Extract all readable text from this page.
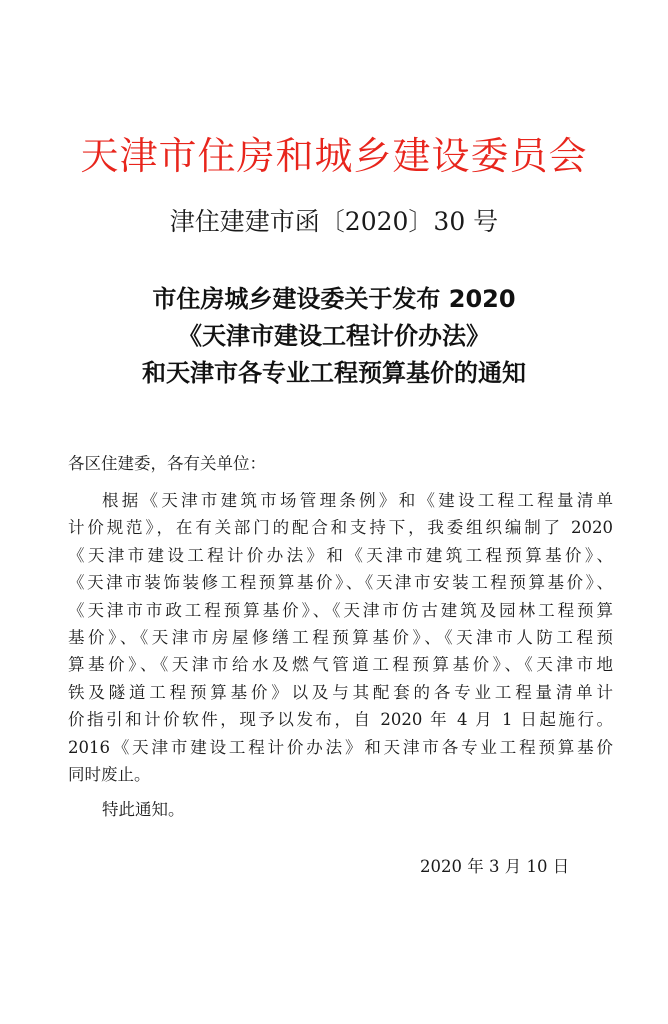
天津市住房和城乡建设委员会
津住建建市函〔2020〕30 号
市住房城乡建设委关于发布 2020
《天津市建设工程计价办法》
和天津市各专业工程预算基价的通知
各区住建委，各有关单位：
根据《天津市建筑市场管理条例》和《建设工程工程量清单
计价规范》，在有关部门的配合和支持下，我委组织编制了 2020
《天津市建设工程计价办法》和《天津市建筑工程预算基价》、
《天津市装饰装修工程预算基价》、《天津市安装工程预算基价》、
《天津市市政工程预算基价》、《天津市仿古建筑及园林工程预算
基价》、《天津市房屋修缮工程预算基价》、《天津市人防工程预
算基价》、《天津市给水及燃气管道工程预算基价》、《天津市地
铁及隧道工程预算基价》以及与其配套的各专业工程量清单计
价指引和计价软件，现予以发布，自 2020 年 4 月 1 日起施行。
2016《天津市建设工程计价办法》和天津市各专业工程预算基价
同时废止。
特此通知。
2020 年 3 月 10 日
